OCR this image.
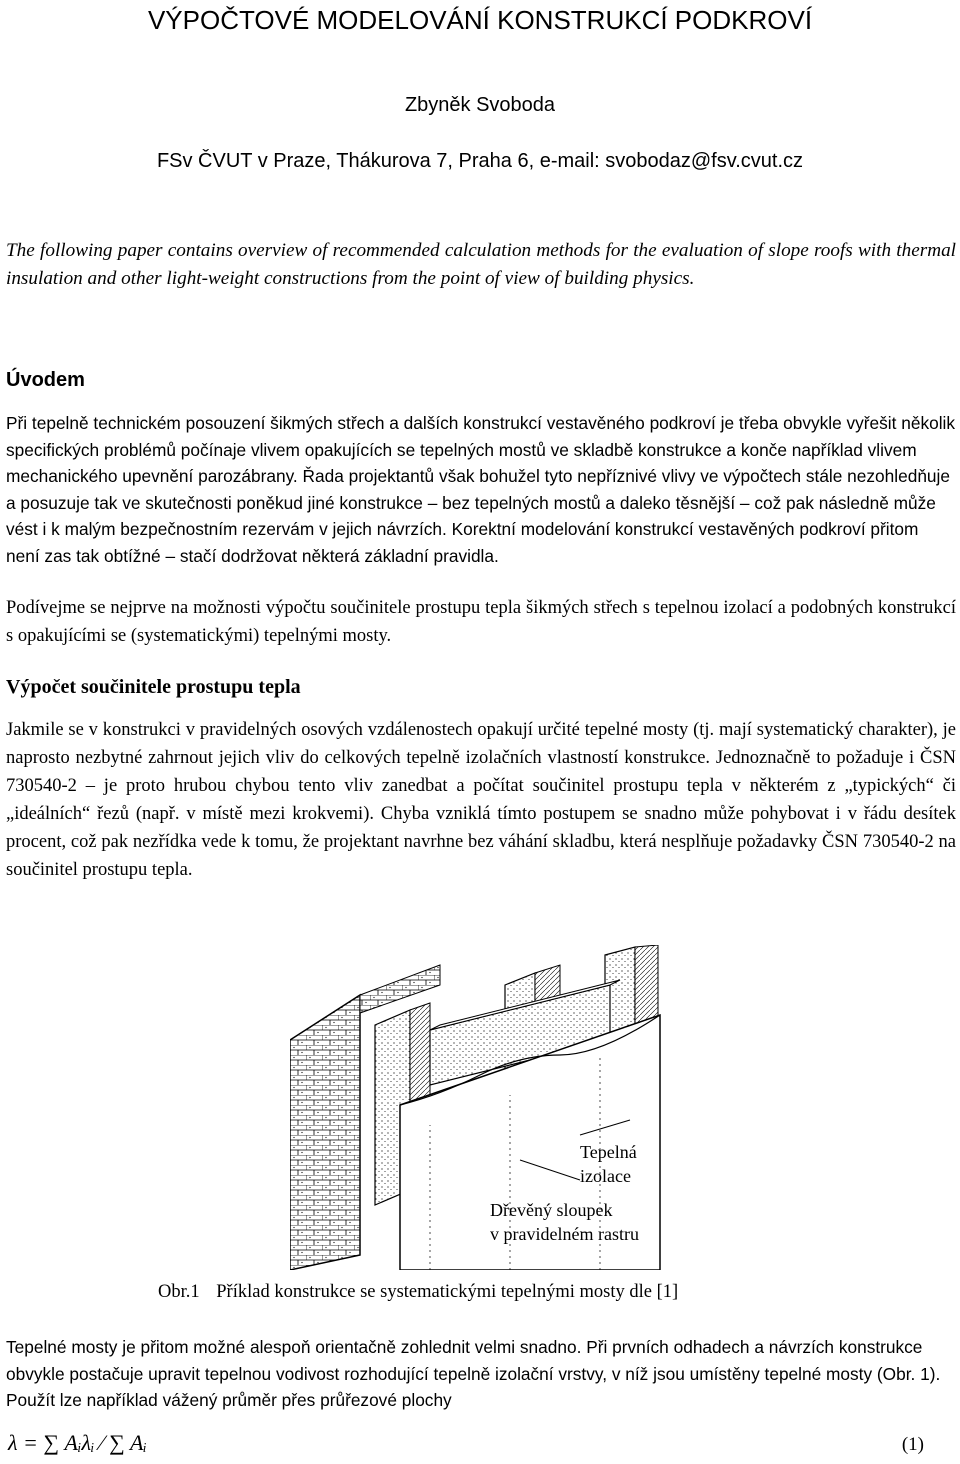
VÝPOČTOVÉ MODELOVÁNÍ KONSTRUKCÍ PODKROVÍ

Zbyněk Svoboda

FSv ČVUT v Praze, Thákurova 7, Praha 6, e-mail: svobodaz@fsv.cvut.cz

The following paper contains overview of recommended calculation methods for the evaluation of slope roofs with thermal insulation and other light-weight constructions from the point of view of building physics.

Úvodem

Při tepelně technickém posouzení šikmých střech a dalších konstrukcí vestavěného podkroví je třeba obvykle vyřešit několik specifických problémů počínaje vlivem opakujících se tepelných mostů ve skladbě konstrukce a konče například vlivem mechanického upevnění parozábrany. Řada projektantů však bohužel tyto nepříznivé vlivy ve výpočtech stále nezohledňuje a posuzuje tak ve skutečnosti poněkud jiné konstrukce – bez tepelných mostů a daleko těsnější – což pak následně může vést i k malým bezpečnostním rezervám v jejich návrzích. Korektní modelování konstrukcí vestavěných podkroví přitom není zas tak obtížné – stačí dodržovat některá základní pravidla.

Podívejme se nejprve na možnosti výpočtu součinitele prostupu tepla šikmých střech s tepelnou izolací a podobných konstrukcí s opakujícími se (systematickými) tepelnými mosty.

Výpočet součinitele prostupu tepla

Jakmile se v konstrukci v pravidelných osových vzdálenostech opakují určité tepelné mosty (tj. mají systematický charakter), je naprosto nezbytné zahrnout jejich vliv do celkových tepelně izolačních vlastností konstrukce. Jednoznačně to požaduje i ČSN 730540-2 – je proto hrubou chybou tento vliv zanedbat a počítat součinitel prostupu tepla v některém z „typických“ či „ideálních“ řezů (např. v místě mezi krokvemi). Chyba vzniklá tímto postupem se snadno může pohybovat i v řádu desítek procent, což pak nezřídka vede k tomu, že projektant navrhne bez váhání skladbu, která nesplňuje požadavky ČSN 730540-2 na součinitel prostupu tepla.

Tepelná
izolace
Dřevěný sloupek
v pravidelném rastru
Obr.1 Příklad konstrukce se systematickými tepelnými mosty dle [1]

Tepelné mosty je přitom možné alespoň orientačně zohlednit velmi snadno. Při prvních odhadech a návrzích konstrukce obvykle postačuje upravit tepelnou vodivost rozhodující tepelně izolační vrstvy, v níž jsou umístěny tepelné mosty (Obr. 1). Použít lze například vážený průměr přes průřezové plochy

λ = ∑ Aᵢλᵢ ⁄ ∑ Aᵢ	(1)
